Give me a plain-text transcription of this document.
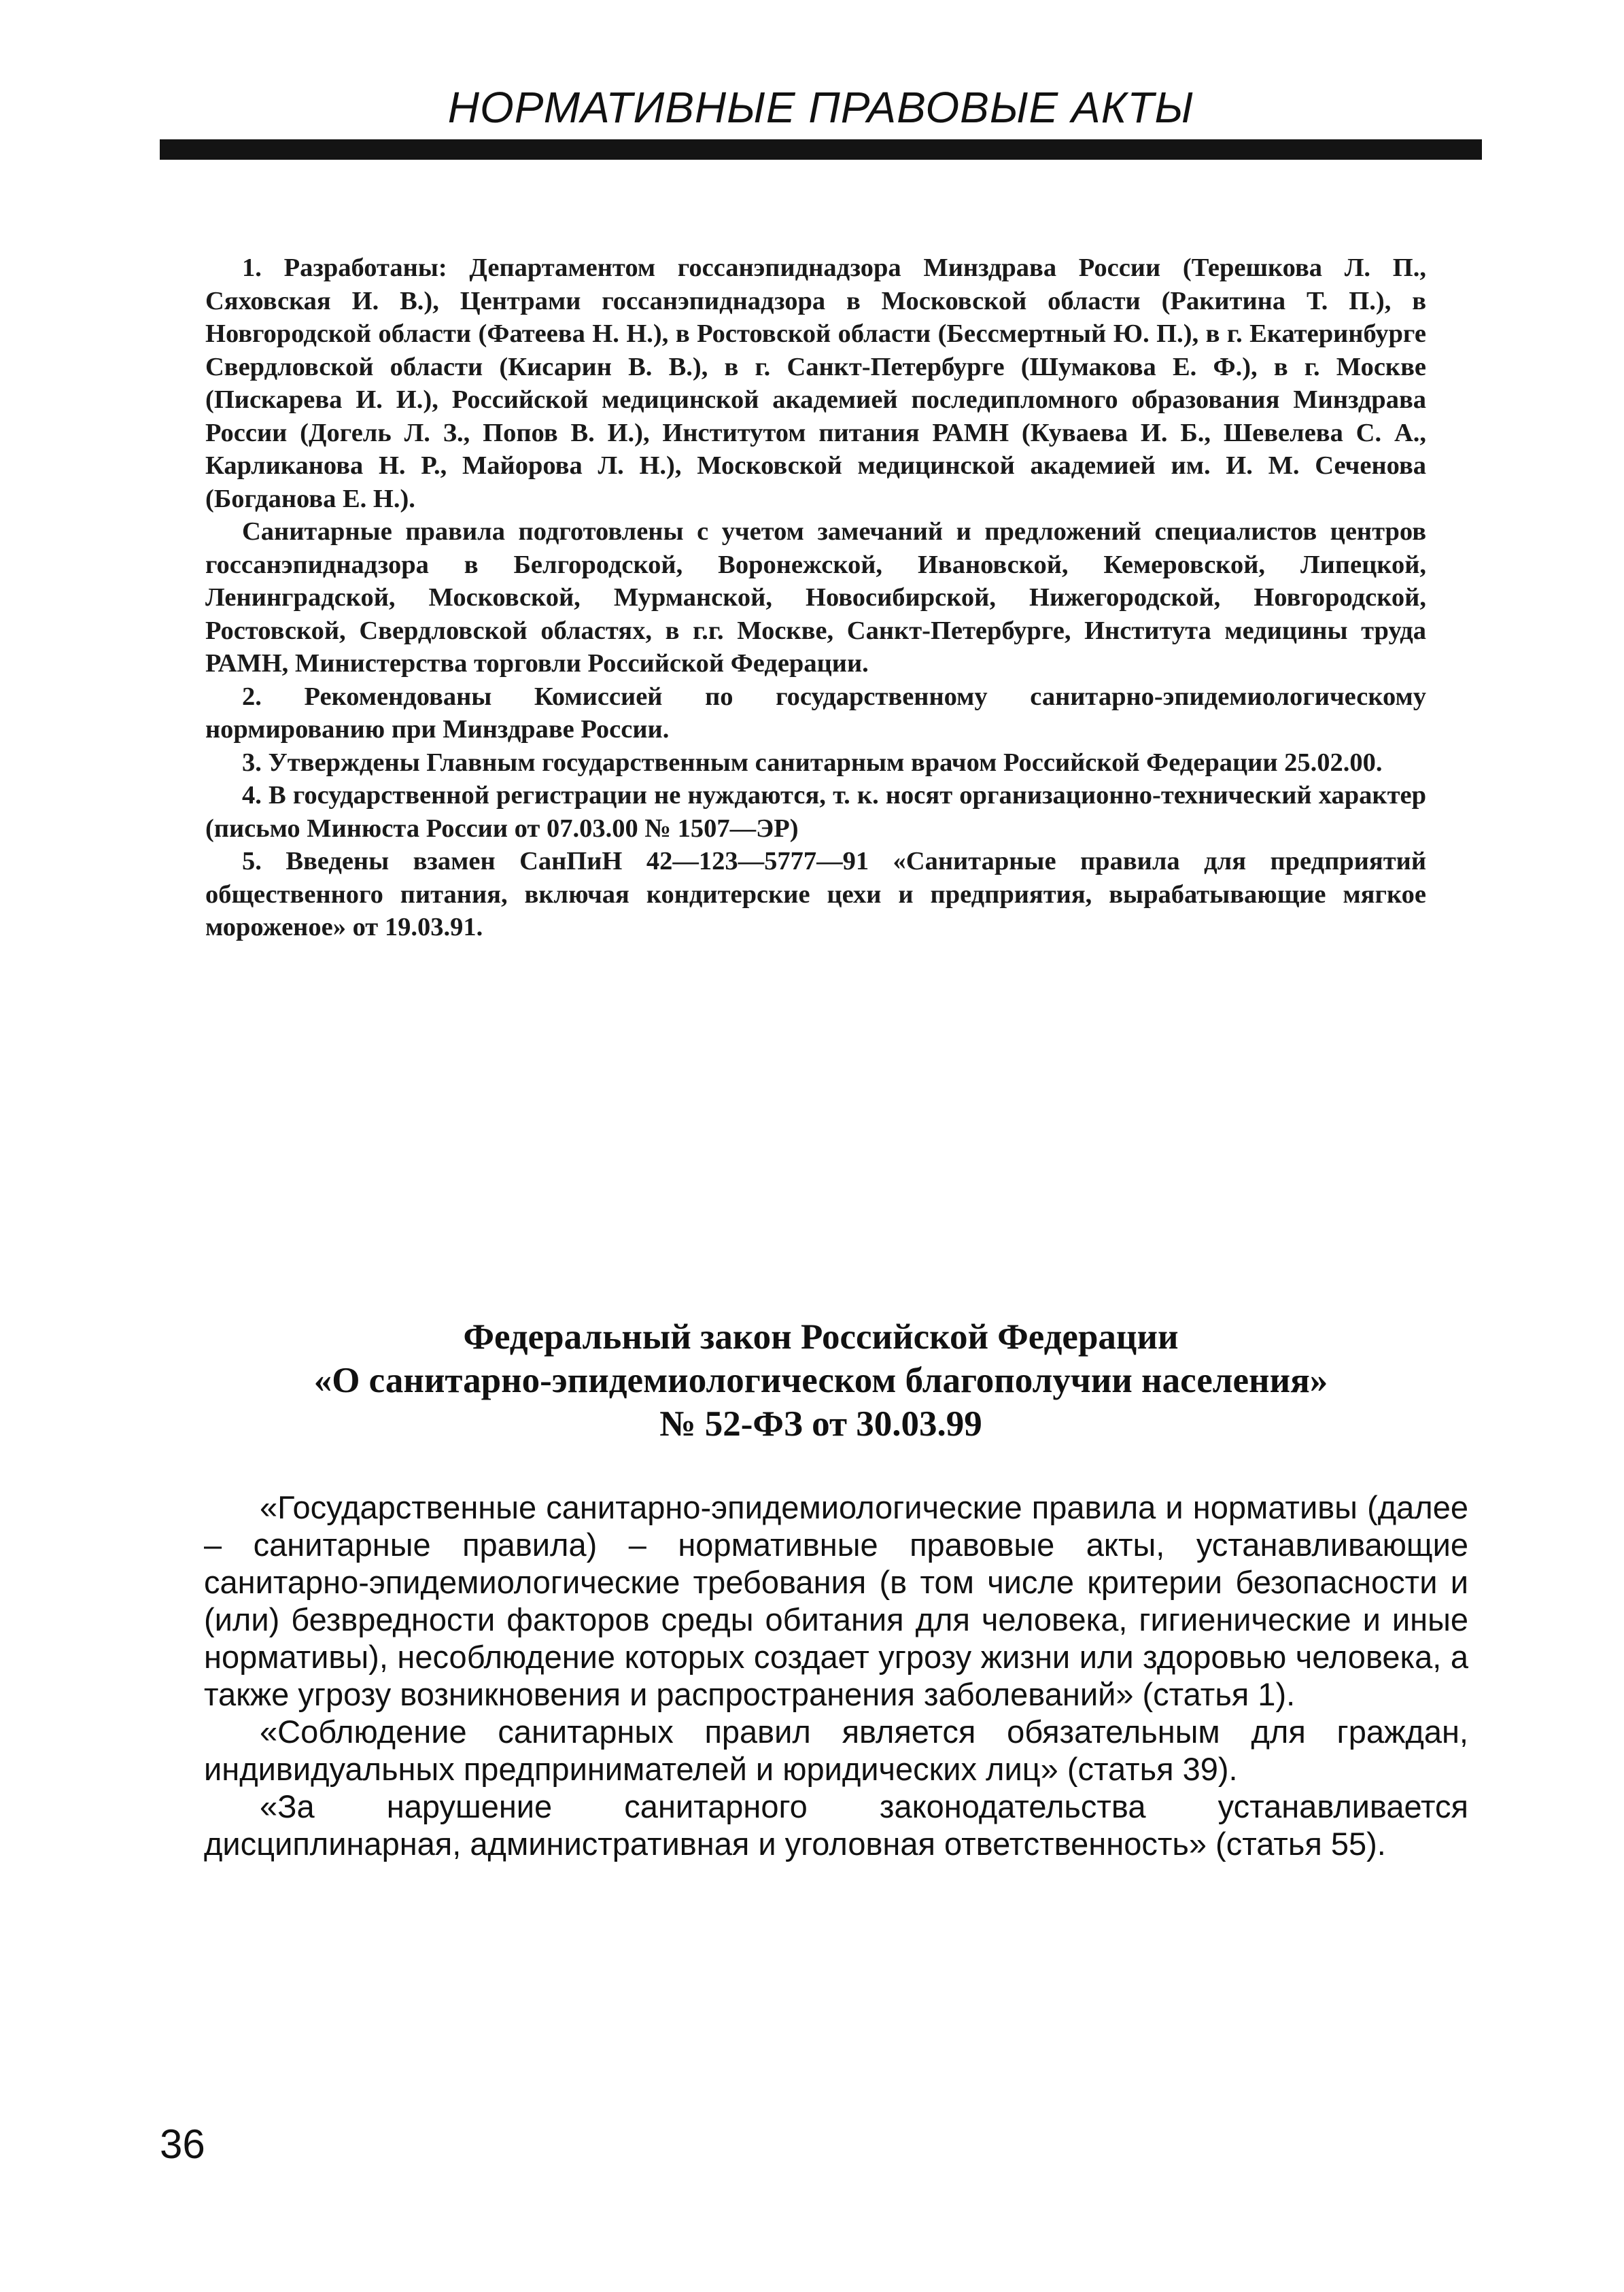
НОРМАТИВНЫЕ ПРАВОВЫЕ АКТЫ

1. Разработаны: Департаментом госсанэпиднадзора Минздрава России (Терешкова Л. П., Сяховская И. В.), Центрами госсанэпиднадзора в Московской области (Ракитина Т. П.), в Новгородской области (Фатеева Н. Н.), в Ростовской области (Бессмертный Ю. П.), в г. Екатеринбурге Свердловской области (Кисарин В. В.), в г. Санкт-Петербурге (Шумакова Е. Ф.), в г. Москве (Пискарева И. И.), Российской медицинской академией последипломного образования Минздрава России (Догель Л. З., Попов В. И.), Институтом питания РАМН (Куваева И. Б., Шевелева С. А., Карликанова Н. Р., Майорова Л. Н.), Московской медицинской академией им. И. М. Сеченова (Богданова Е. Н.).

Санитарные правила подготовлены с учетом замечаний и предложений специалистов центров госсанэпиднадзора в Белгородской, Воронежской, Ивановской, Кемеровской, Липецкой, Ленинградской, Московской, Мурманской, Новосибирской, Нижегородской, Новгородской, Ростовской, Свердловской областях, в г.г. Москве, Санкт-Петербурге, Института медицины труда РАМН, Министерства торговли Российской Федерации.

2. Рекомендованы Комиссией по государственному санитарно-эпидемиологическому нормированию при Минздраве России.

3. Утверждены Главным государственным санитарным врачом Российской Федерации 25.02.00.

4. В государственной регистрации не нуждаются, т. к. носят организационно-технический характер (письмо Минюста России от 07.03.00 № 1507—ЭР)

5. Введены взамен СанПиН 42—123—5777—91 «Санитарные правила для предприятий общественного питания, включая кондитерские цехи и предприятия, вырабатывающие мягкое мороженое» от 19.03.91.

Федеральный закон Российской Федерации
«О санитарно-эпидемиологическом благополучии населения»
№ 52-ФЗ от 30.03.99

«Государственные санитарно-эпидемиологические правила и нормативы (далее – санитарные правила) – нормативные правовые акты, устанавливающие санитарно-эпидемиологические требования (в том числе критерии безопасности и (или) безвредности факторов среды обитания для человека, гигиенические и иные нормативы), несоблюдение которых создает угрозу жизни или здоровью человека, а также угрозу возникновения и распространения заболеваний» (статья 1).

«Соблюдение санитарных правил является обязательным для граждан, индивидуальных предпринимателей и юридических лиц» (статья 39).

«За нарушение санитарного законодательства устанавливается дисциплинарная, административная и уголовная ответственность» (статья 55).

36
